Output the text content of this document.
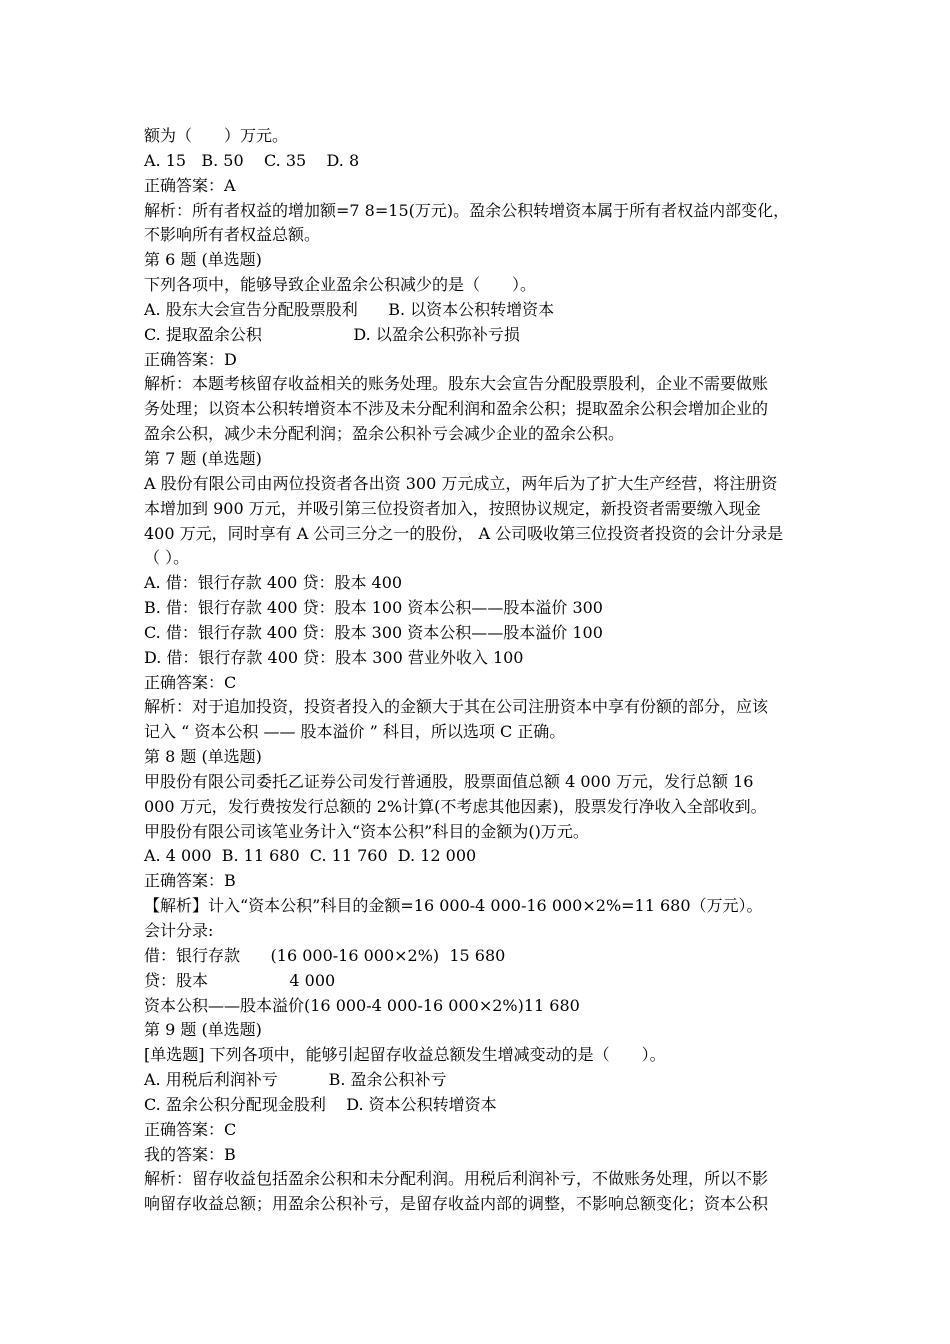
额为（　　）万元。
A. 15   B. 50    C. 35    D. 8
正确答案：A
解析：所有者权益的增加额=7 8=15(万元)。盈余公积转增资本属于所有者权益内部变化，
不影响所有者权益总额。
第 6 题 (单选题)
下列各项中，能够导致企业盈余公积减少的是（　　）。
A. 股东大会宣告分配股票股利      B. 以资本公积转增资本
C. 提取盈余公积                  D. 以盈余公积弥补亏损
正确答案：D
解析：本题考核留存收益相关的账务处理。股东大会宣告分配股票股利，企业不需要做账
务处理；以资本公积转增资本不涉及未分配利润和盈余公积；提取盈余公积会增加企业的
盈余公积，减少未分配利润；盈余公积补亏会减少企业的盈余公积。
第 7 题 (单选题)
A 股份有限公司由两位投资者各出资 300 万元成立，两年后为了扩大生产经营，将注册资
本增加到 900 万元，并吸引第三位投资者加入，按照协议规定，新投资者需要缴入现金
400 万元，同时享有 A 公司三分之一的股份， A 公司吸收第三位投资者投资的会计分录是
（ ）。
A. 借：银行存款 400 贷：股本 400
B. 借：银行存款 400 贷：股本 100 资本公积——股本溢价 300
C. 借：银行存款 400 贷：股本 300 资本公积——股本溢价 100
D. 借：银行存款 400 贷：股本 300 营业外收入 100
正确答案：C
解析：对于追加投资，投资者投入的金额大于其在公司注册资本中享有份额的部分，应该
记入 “ 资本公积 —— 股本溢价 ” 科目，所以选项 C 正确。
第 8 题 (单选题)
甲股份有限公司委托乙证券公司发行普通股，股票面值总额 4 000 万元，发行总额 16
000 万元，发行费按发行总额的 2%计算(不考虑其他因素)，股票发行净收入全部收到。
甲股份有限公司该笔业务计入“资本公积”科目的金额为()万元。
A. 4 000  B. 11 680  C. 11 760  D. 12 000
正确答案：B
【解析】计入“资本公积”科目的金额=16 000-4 000-16 000×2%=11 680（万元）。
会计分录:
借：银行存款      (16 000-16 000×2%)  15 680
贷：股本                4 000
资本公积——股本溢价(16 000-4 000-16 000×2%)11 680
第 9 题 (单选题)
[单选题] 下列各项中，能够引起留存收益总额发生增减变动的是（　　）。
A. 用税后利润补亏          B. 盈余公积补亏
C. 盈余公积分配现金股利    D. 资本公积转增资本
正确答案：C
我的答案：B
解析：留存收益包括盈余公积和未分配利润。用税后利润补亏，不做账务处理，所以不影
响留存收益总额；用盈余公积补亏，是留存收益内部的调整，不影响总额变化；资本公积
